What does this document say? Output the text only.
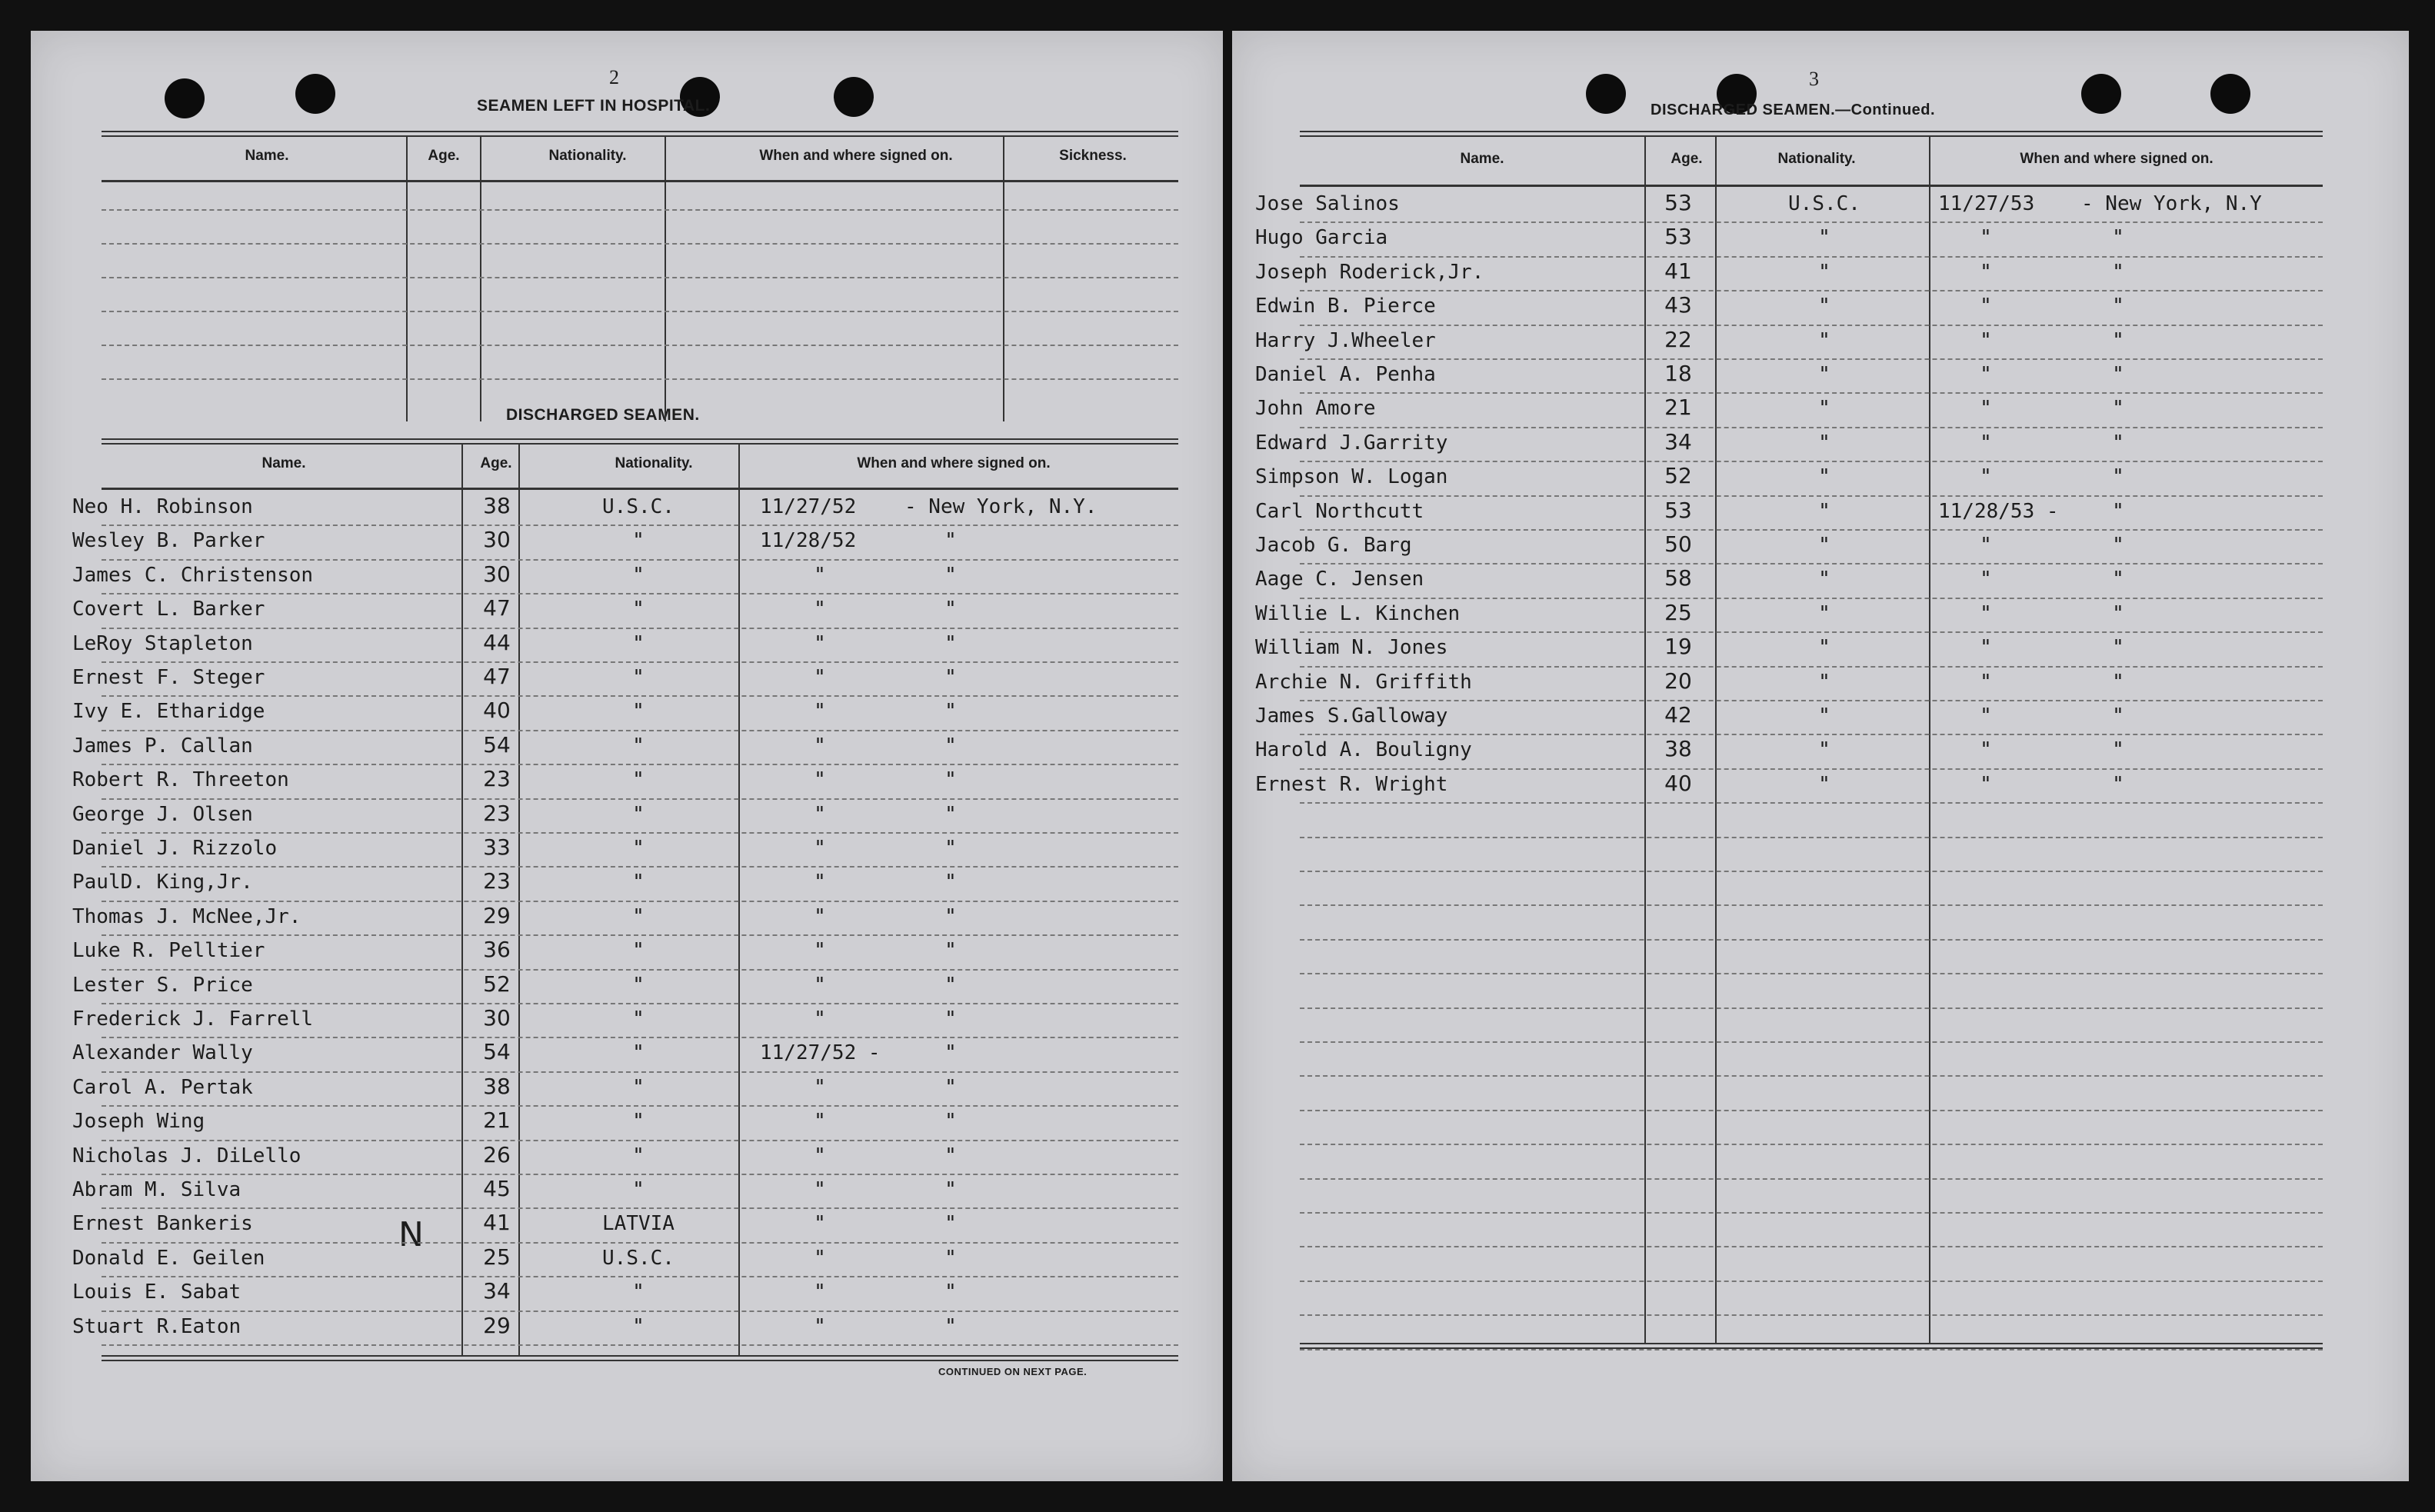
2
SEAMEN LEFT IN HOSPITAL.
DISCHARGED SEAMEN.
N
CONTINUED ON NEXT PAGE.
Name.	Age.	Nationality.	When and where signed on.	Sickness.
Name.	Age.	Nationality.	When and where signed on.
Neo H. Robinson	38	U.S.C.	11/27/52 - New York, N.Y.
Wesley B. Parker	30	"	11/28/52	"
James C. Christenson	30	"	"	"
Covert L. Barker	47	"	"	"
LeRoy Stapleton	44	"	"	"
Ernest F. Steger	47	"	"	"
Ivy E. Etharidge	40	"	"	"
James P. Callan	54	"	"	"
Robert R. Threeton	23	"	"	"
George J. Olsen	23	"	"	"
Daniel J. Rizzolo	33	"	"	"
PaulD. King,Jr.	23	"	"	"
Thomas J. McNee,Jr.	29	"	"	"
Luke R. Pelltier	36	"	"	"
Lester S. Price	52	"	"	"
Frederick J. Farrell	30	"	"	"
Alexander Wally	54	"	11/27/52 -	"
Carol A. Pertak	38	"	"	"
Joseph Wing	21	"	"	"
Nicholas J. DiLello	26	"	"	"
Abram M. Silva	45	"	"	"
Ernest Bankeris	41	LATVIA	"	"
Donald E. Geilen	25	U.S.C.	"	"
Louis E. Sabat	34	"	"	"
Stuart R.Eaton	29	"	"	"
3
DISCHARGED SEAMEN.—Continued.
Name.	Age.	Nationality.	When and where signed on.
Jose Salinos	53	U.S.C.	11/27/53 - New York, N.Y
Hugo Garcia	53	"	"	"
Joseph Roderick,Jr.	41	"	"	"
Edwin B. Pierce	43	"	"	"
Harry J.Wheeler	22	"	"	"
Daniel A. Penha	18	"	"	"
John Amore	21	"	"	"
Edward J.Garrity	34	"	"	"
Simpson W. Logan	52	"	"	"
Carl Northcutt	53	"	11/28/53 -	"
Jacob G. Barg	50	"	"	"
Aage C. Jensen	58	"	"	"
Willie L. Kinchen	25	"	"	"
William N. Jones	19	"	"	"
Archie N. Griffith	20	"	"	"
James S.Galloway	42	"	"	"
Harold A. Bouligny	38	"	"	"
Ernest R. Wright	40	"	"	"
